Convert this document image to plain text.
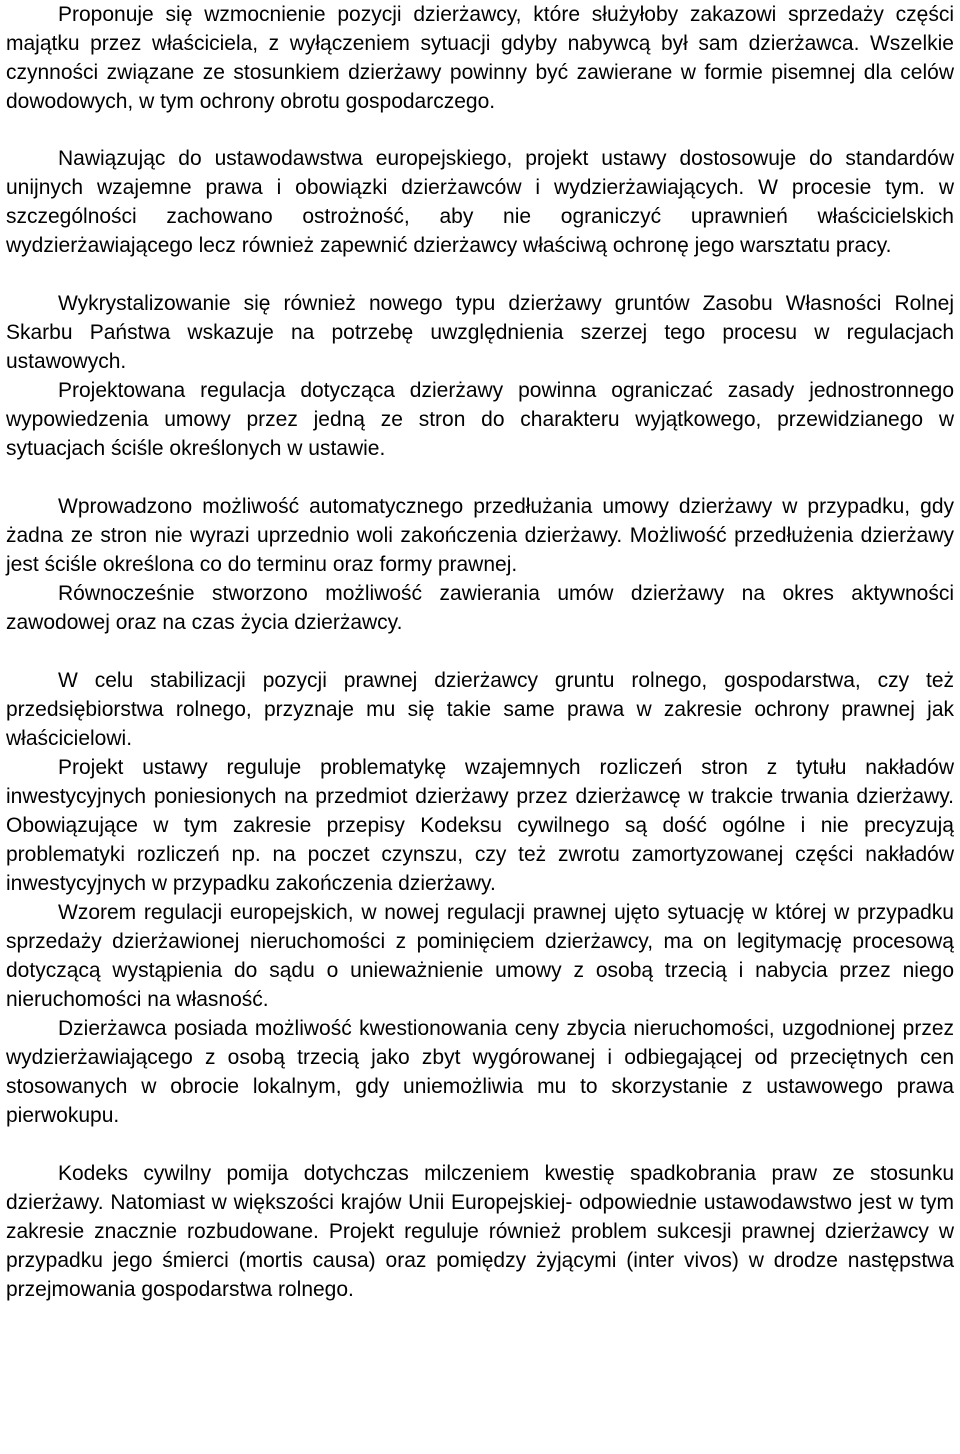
Proponuje się wzmocnienie pozycji dzierżawcy, które służyłoby zakazowi sprzedaży części majątku przez właściciela, z wyłączeniem sytuacji gdyby nabywcą był sam dzierżawca. Wszelkie czynności związane ze stosunkiem dzierżawy powinny być zawierane w formie pisemnej dla celów dowodowych, w tym ochrony obrotu gospodarczego.

Nawiązując do ustawodawstwa europejskiego, projekt ustawy dostosowuje do standardów unijnych wzajemne prawa i obowiązki dzierżawców i wydzierżawiających. W procesie tym. w szczególności zachowano ostrożność, aby nie ograniczyć uprawnień właścicielskich wydzierżawiającego lecz również zapewnić dzierżawcy właściwą ochronę jego warsztatu pracy.

Wykrystalizowanie się również nowego typu dzierżawy gruntów Zasobu Własności Rolnej Skarbu Państwa wskazuje na potrzebę uwzględnienia szerzej tego procesu w regulacjach ustawowych.

Projektowana regulacja dotycząca dzierżawy powinna ograniczać zasady jednostronnego wypowiedzenia umowy przez jedną ze stron do charakteru wyjątkowego, przewidzianego w sytuacjach ściśle określonych w ustawie.

Wprowadzono możliwość automatycznego przedłużania umowy dzierżawy w przypadku, gdy żadna ze stron nie wyrazi uprzednio woli zakończenia dzierżawy. Możliwość przedłużenia dzierżawy jest ściśle określona co do terminu oraz formy prawnej.

Równocześnie stworzono możliwość zawierania umów dzierżawy na okres aktywności zawodowej oraz na czas życia dzierżawcy.

W celu stabilizacji pozycji prawnej dzierżawcy gruntu rolnego, gospodarstwa, czy też przedsiębiorstwa rolnego, przyznaje mu się takie same prawa w zakresie ochrony prawnej jak właścicielowi.

Projekt ustawy reguluje problematykę wzajemnych rozliczeń stron z tytułu nakładów inwestycyjnych poniesionych na przedmiot dzierżawy przez dzierżawcę w trakcie trwania dzierżawy. Obowiązujące w tym zakresie przepisy Kodeksu cywilnego są dość ogólne i nie precyzują problematyki rozliczeń np. na poczet czynszu, czy też zwrotu zamortyzowanej części nakładów inwestycyjnych w przypadku zakończenia dzierżawy.

Wzorem regulacji europejskich, w nowej regulacji prawnej ujęto sytuację w której w przypadku sprzedaży dzierżawionej nieruchomości z pominięciem dzierżawcy, ma on legitymację procesową dotyczącą wystąpienia do sądu o unieważnienie umowy z osobą trzecią i nabycia przez niego nieruchomości na własność.

Dzierżawca posiada możliwość kwestionowania ceny zbycia nieruchomości, uzgodnionej przez wydzierżawiającego z osobą trzecią jako zbyt wygórowanej i odbiegającej od przeciętnych cen stosowanych w obrocie lokalnym, gdy uniemożliwia mu to skorzystanie z ustawowego prawa pierwokupu.

Kodeks cywilny pomija dotychczas milczeniem kwestię spadkobrania praw ze stosunku dzierżawy. Natomiast w większości krajów Unii Europejskiej- odpowiednie ustawodawstwo jest w tym zakresie znacznie rozbudowane. Projekt reguluje również problem sukcesji prawnej dzierżawcy w przypadku jego śmierci (mortis causa) oraz pomiędzy żyjącymi (inter vivos) w drodze następstwa przejmowania gospodarstwa rolnego.
